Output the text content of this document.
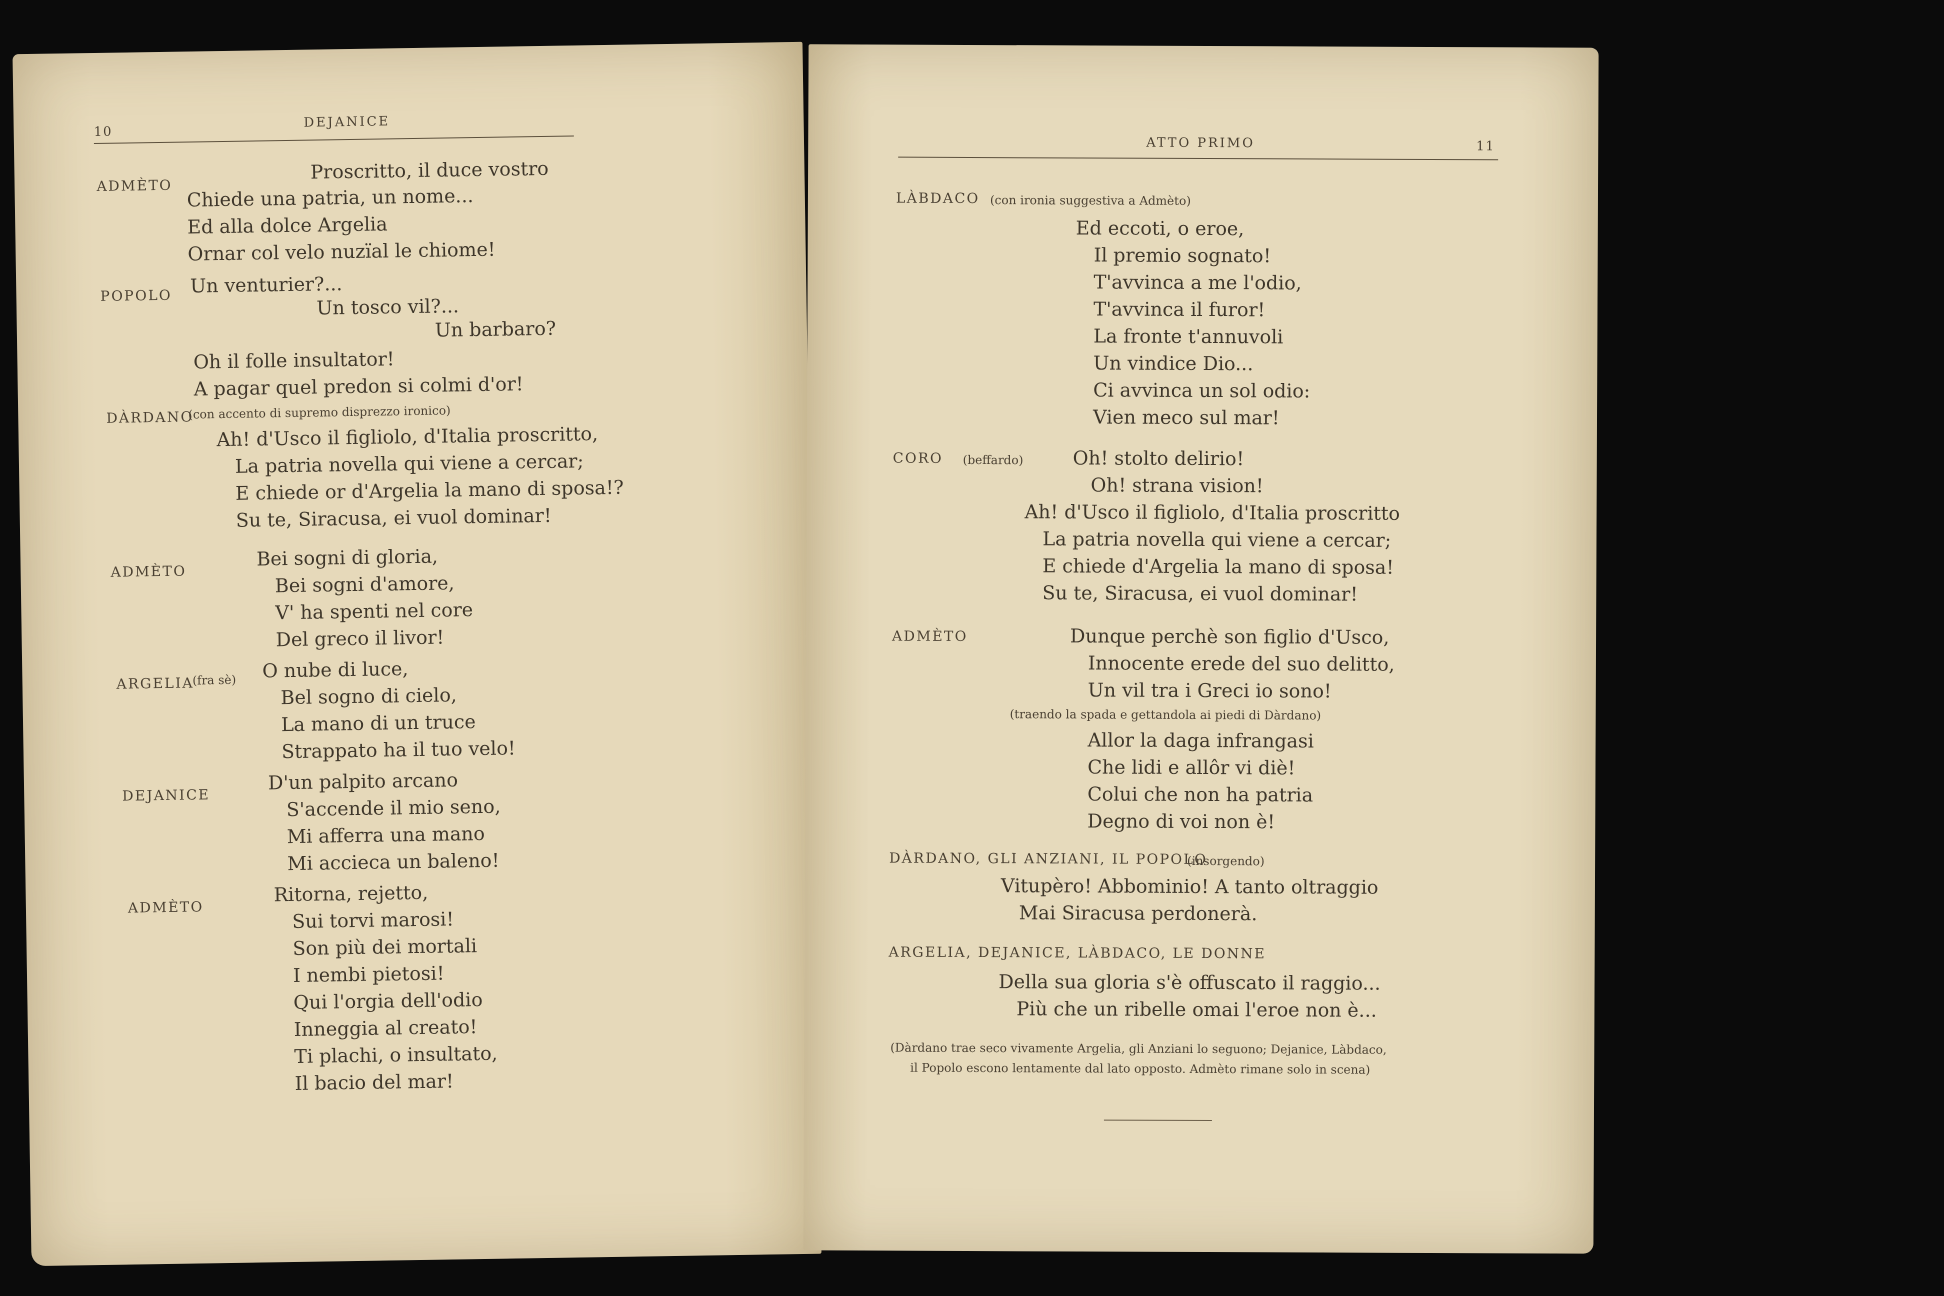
10
DEJANICE
ADMÈTO
Proscritto, il duce vostro
Chiede una patria, un nome...
Ed alla dolce Argelia
Ornar col velo nuzïal le chiome!
POPOLO Un venturier?...
Un tosco vil?...
Un barbaro?
Oh il folle insultator!
A pagar quel predon si colmi d'or!
DÀRDANO
(con accento di supremo disprezzo ironico)
Ah! d'Usco il figliolo, d'Italia proscritto,
La patria novella qui viene a cercar;
E chiede or d'Argelia la mano di sposa!?
Su te, Siracusa, ei vuol dominar!
ADMÈTO
Bei sogni di gloria,
Bei sogni d'amore,
V' ha spenti nel core
Del greco il livor!
ARGELIA
(fra sè) O nube di luce,
Bel sogno di cielo,
La mano di un truce
Strappato ha il tuo velo!
DEJANICE
D'un palpito arcano
S'accende il mio seno,
Mi afferra una mano
Mi acciecа un baleno!
ADMÈTO
Ritorna, rejetto,
Sui torvi marosi!
Son più dei mortali
I nembi pietosi!
Qui l'orgia dell'odio
Inneggia al creato!
Ti plachi, o insultato,
Il bacio del mar!
ATTO PRIMO	11
LÀBDACO (con ironia suggestiva a Admèto)
Ed eccoti, o eroe,
Il premio sognato!
T'avvinca a me l'odio,
T'avvinca il furor!
La fronte t'annuvoli
Un vindice Dio...
Ci avvinca un sol odio:
Vien meco sul mar!
CORO (beffardo)	Oh! stolto delirio!
Oh! strana vision!
Ah! d'Usco il figliolo, d'Italia proscritto
La patria novella qui viene a cercar;
E chiede d'Argelia la mano di sposa!
Su te, Siracusa, ei vuol dominar!
ADMÈTO	Dunque perchè son figlio d'Usco,
Innocente erede del suo delitto,
Un vil tra i Greci io sono!
(traendo la spada e gettandola ai piedi di Dàrdano)
Allor la daga infrangasi
Che lidi e allôr vi diè!
Colui che non ha patria
Degno di voi non è!
DÀRDANO, GLI ANZIANI, IL POPOLO
(insorgendo)
Vitupèro! Abbominio! A tanto oltraggio
Mai Siracusa perdonerà.
ARGELIA, DEJANICE, LÀBDACO, LE DONNE
Della sua gloria s'è offuscato il raggio...
Più che un ribelle omai l'eroe non è...
(Dàrdano trae seco vivamente Argelia, gli Anziani lo seguono; Dejanice, Làbdaco,
il Popolo escono lentamente dal lato opposto. Admèto rimane solo in scena)
